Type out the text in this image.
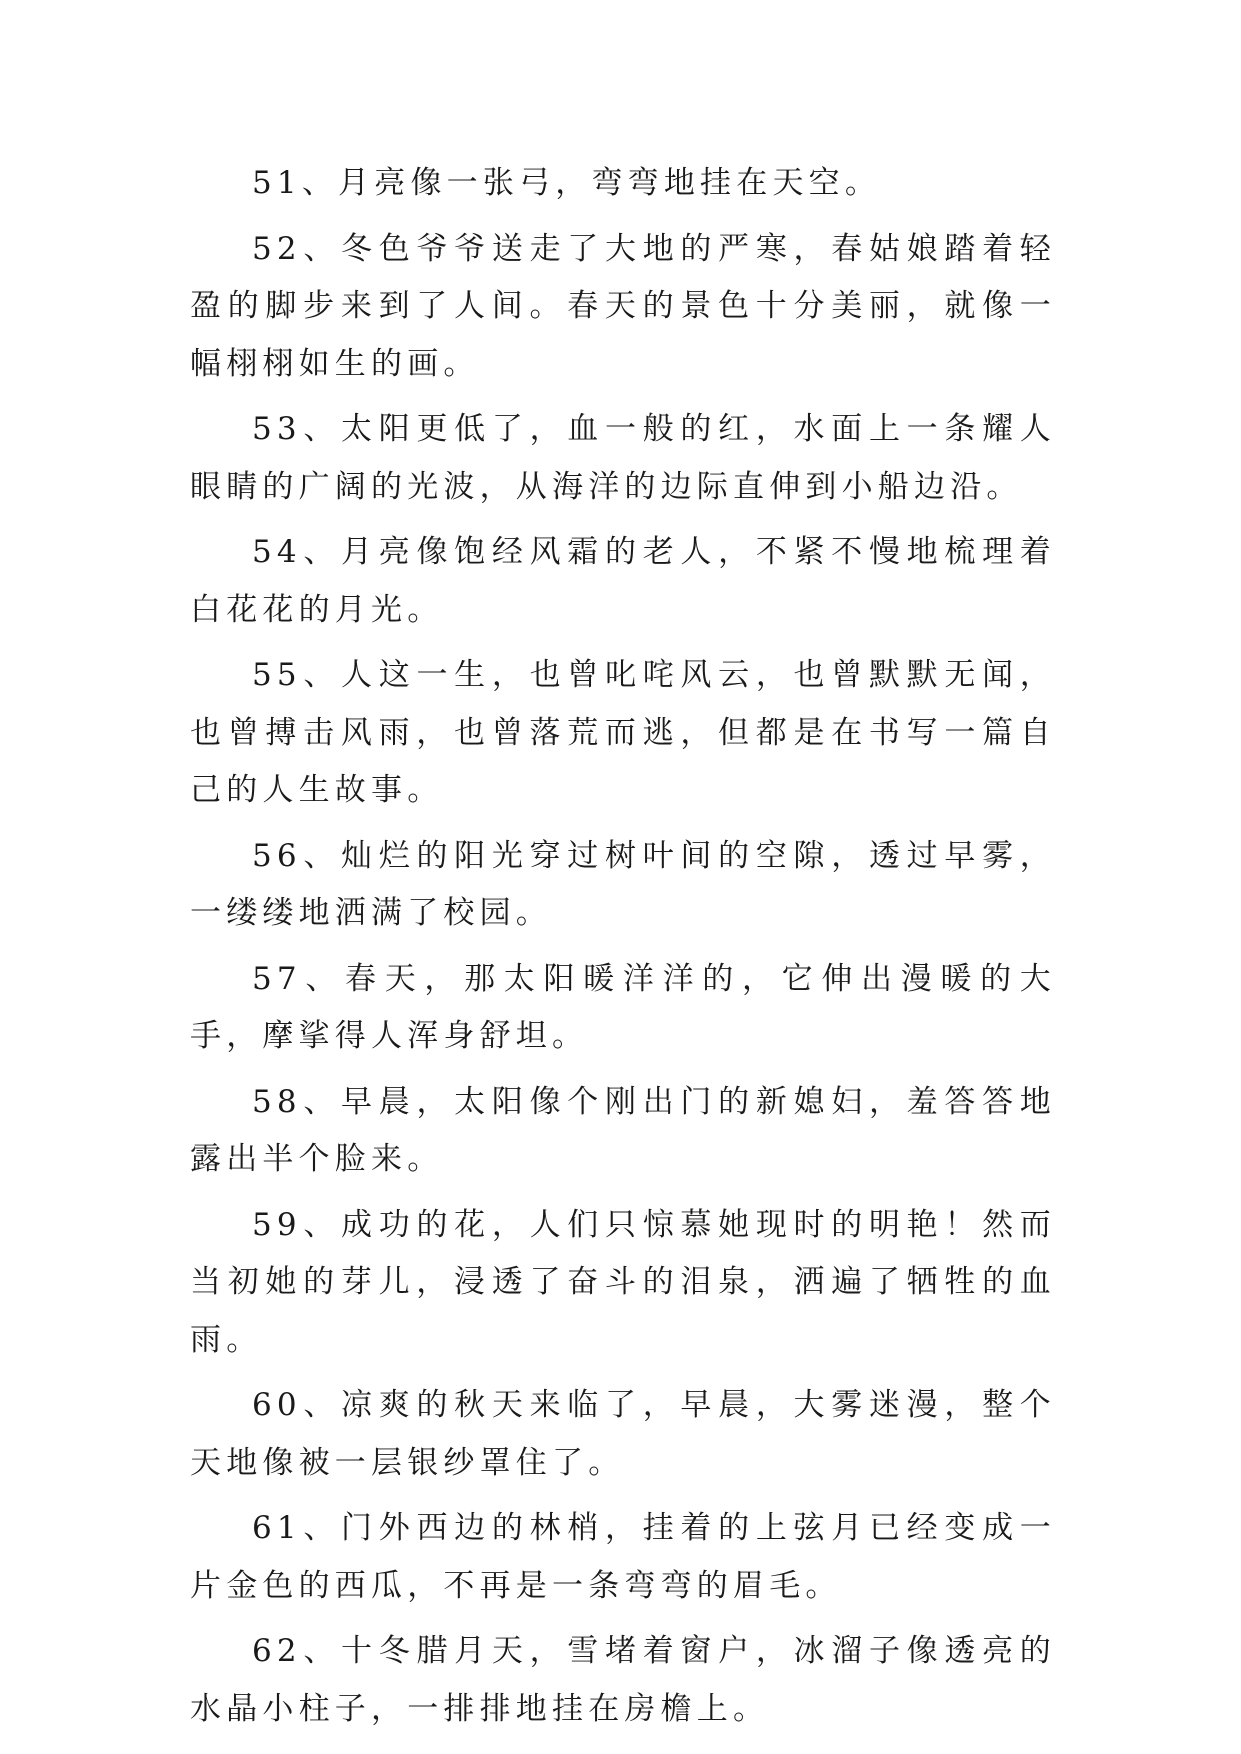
51、月亮像一张弓，弯弯地挂在天空。

52、冬色爷爷送走了大地的严寒，春姑娘踏着轻盈的脚步来到了人间。春天的景色十分美丽，就像一幅栩栩如生的画。

53、太阳更低了，血一般的红，水面上一条耀人眼睛的广阔的光波，从海洋的边际直伸到小船边沿。

54、月亮像饱经风霜的老人，不紧不慢地梳理着白花花的月光。

55、人这一生，也曾叱咤风云，也曾默默无闻，也曾搏击风雨，也曾落荒而逃，但都是在书写一篇自己的人生故事。

56、灿烂的阳光穿过树叶间的空隙，透过早雾，一缕缕地洒满了校园。

57、春天，那太阳暖洋洋的，它伸出漫暖的大手，摩挲得人浑身舒坦。

58、早晨，太阳像个刚出门的新媳妇，羞答答地露出半个脸来。

59、成功的花，人们只惊慕她现时的明艳！然而当初她的芽儿，浸透了奋斗的泪泉，洒遍了牺牲的血雨。

60、凉爽的秋天来临了，早晨，大雾迷漫，整个天地像被一层银纱罩住了。

61、门外西边的林梢，挂着的上弦月已经变成一片金色的西瓜，不再是一条弯弯的眉毛。

62、十冬腊月天，雪堵着窗户，冰溜子像透亮的水晶小柱子，一排排地挂在房檐上。
